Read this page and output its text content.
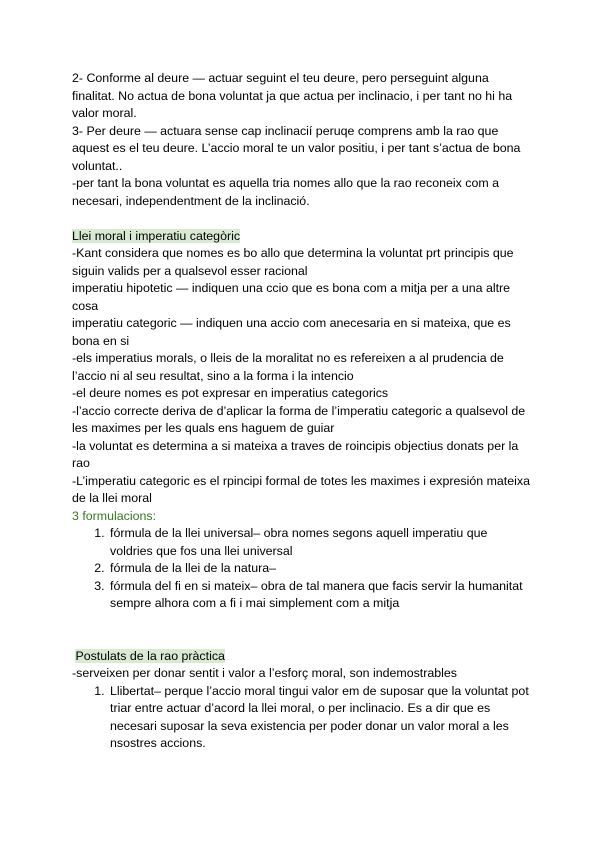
2- Conforme al deure — actuar seguint el teu deure, pero perseguint alguna finalitat. No actua de bona voluntat ja que actua per inclinacio, i per tant no hi ha valor moral.

3- Per deure — actuara sense cap inclinacií peruqe comprens amb la rao que aquest es el teu deure. L’accio moral te un valor positiu, i per tant s’actua de bona voluntat..

-per tant la bona voluntat es aquella tria nomes allo que la rao reconeix com a necesari, independentment de la inclinació.

Llei moral i imperatiu categòric

-Kant considera que nomes es bo allo que determina la voluntat prt principis que siguin valids per a qualsevol esser racional

imperatiu hipotetic — indiquen una ccio que es bona com a mitja per a una altre cosa

imperatiu categoric — indiquen una accio com anecesaria en si mateixa, que es bona en si

-els imperatius morals, o lleis de la moralitat no es refereixen a al prudencia de l’accio ni al seu resultat, sino a la forma i la intencio

-el deure nomes es pot expresar en imperatius categorics

-l’accio correcte deriva de d’aplicar la forma de l’imperatiu categoric a qualsevol de les maximes per les quals ens haguem de guiar

-la voluntat es determina a si mateixa a traves de roincipis objectius donats per la rao

-L’imperatiu categoric es el rpincipi formal de totes les maximes i expresión mateixa de la llei moral

3 formulacions:

1. fórmula de la llei universal– obra nomes segons aquell imperatiu que voldries que fos una llei universal
2. fórmula de la llei de la natura–
3. fórmula del fi en si mateix– obra de tal manera que facis servir la humanitat sempre alhora com a fi i mai simplement com a mitja

Postulats de la rao pràctica

-serveixen per donar sentit i valor a l’esforç moral, son indemostrables

1. Llibertat– perque l’accio moral tingui valor em de suposar que la voluntat pot triar entre actuar d’acord la llei moral, o per inclinacio. Es a dir que es necesari suposar la seva existencia per poder donar un valor moral a les nsostres accions.
